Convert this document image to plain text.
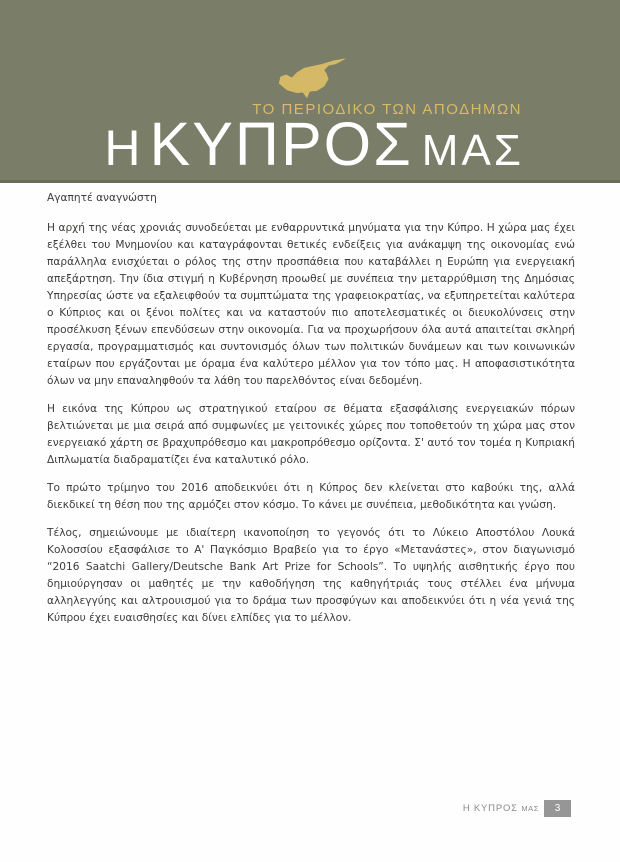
ΤΟ ΠΕΡΙΟΔΙΚΟ ΤΩΝ ΑΠΟΔΗΜΩΝ
Η ΚΥΠΡΟΣ ΜΑΣ

Αγαπητέ αναγνώστη

Η αρχή της νέας χρονιάς συνοδεύεται με ενθαρρυντικά μηνύματα για την Κύπρο. Η χώρα μας έχει εξέλθει του Μνημονίου και καταγράφονται θετικές ενδείξεις για ανάκαμψη της οικονομίας ενώ παράλληλα ενισχύεται ο ρόλος της στην προσπάθεια που καταβάλλει η Ευρώπη για ενεργειακή απεξάρτηση. Την ίδια στιγμή η Κυβέρνηση προωθεί με συνέπεια την μεταρρύθμιση της Δημόσιας Υπηρεσίας ώστε να εξαλειφθούν τα συμπτώματα της γραφειοκρατίας, να εξυπηρετείται καλύτερα ο Κύπριος και οι ξένοι πολίτες και να καταστούν πιο αποτελεσματικές οι διευκολύνσεις στην προσέλκυση ξένων επενδύσεων στην οικονομία. Για να προχωρήσουν όλα αυτά απαιτείται σκληρή εργασία, προγραμματισμός και συντονισμός όλων των πολιτικών δυνάμεων και των κοινωνικών εταίρων που εργάζονται με όραμα ένα καλύτερο μέλλον για τον τόπο μας. Η αποφασιστικότητα όλων να μην επαναληφθούν τα λάθη του παρελθόντος είναι δεδομένη.

Η εικόνα της Κύπρου ως στρατηγικού εταίρου σε θέματα εξασφάλισης ενεργειακών πόρων βελτιώνεται με μια σειρά από συμφωνίες με γειτονικές χώρες που τοποθετούν τη χώρα μας στον ενεργειακό χάρτη σε βραχυπρόθεσμο και μακροπρόθεσμο ορίζοντα. Σ' αυτό τον τομέα η Κυπριακή Διπλωματία διαδραματίζει ένα καταλυτικό ρόλο.

Το πρώτο τρίμηνο του 2016 αποδεικνύει ότι η Κύπρος δεν κλείνεται στο καβούκι της, αλλά διεκδικεί τη θέση που της αρμόζει στον κόσμο. Το κάνει με συνέπεια, μεθοδικότητα και γνώση.

Τέλος, σημειώνουμε με ιδιαίτερη ικανοποίηση το γεγονός ότι το Λύκειο Αποστόλου Λουκά Κολοσσίου εξασφάλισε το Α' Παγκόσμιο Βραβείο για το έργο «Μετανάστες», στον διαγωνισμό “2016 Saatchi Gallery/Deutsche Bank Art Prize for Schools”. Το υψηλής αισθητικής έργο που δημιούργησαν οι μαθητές με την καθοδήγηση της καθηγήτριάς τους στέλλει ένα μήνυμα αλληλεγγύης και αλτρουισμού για το δράμα των προσφύγων και αποδεικνύει ότι η νέα γενιά της Κύπρου έχει ευαισθησίες και δίνει ελπίδες για το μέλλον.

Η ΚΥΠΡΟΣ ΜΑΣ	3
